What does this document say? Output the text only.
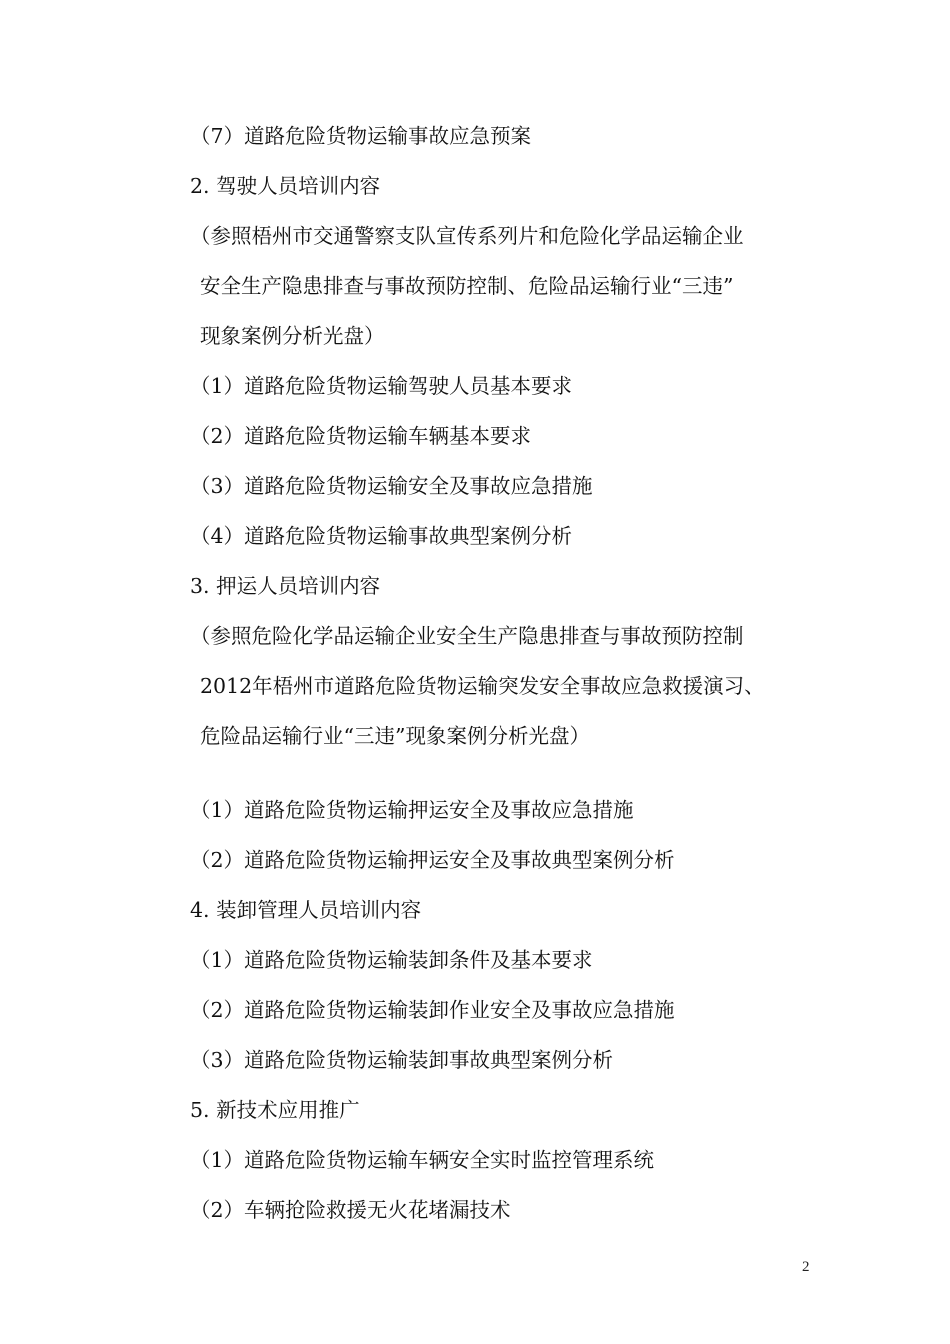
（7）道路危险货物运输事故应急预案
2. 驾驶人员培训内容
（参照梧州市交通警察支队宣传系列片和危险化学品运输企业
安全生产隐患排查与事故预防控制、危险品运输行业“三违”
现象案例分析光盘）
（1）道路危险货物运输驾驶人员基本要求
（2）道路危险货物运输车辆基本要求
（3）道路危险货物运输安全及事故应急措施
（4）道路危险货物运输事故典型案例分析
3. 押运人员培训内容
（参照危险化学品运输企业安全生产隐患排查与事故预防控制
2012年梧州市道路危险货物运输突发安全事故应急救援演习、
危险品运输行业“三违”现象案例分析光盘）
（1）道路危险货物运输押运安全及事故应急措施
（2）道路危险货物运输押运安全及事故典型案例分析
4. 装卸管理人员培训内容
（1）道路危险货物运输装卸条件及基本要求
（2）道路危险货物运输装卸作业安全及事故应急措施
（3）道路危险货物运输装卸事故典型案例分析
5. 新技术应用推广
（1）道路危险货物运输车辆安全实时监控管理系统
（2）车辆抢险救援无火花堵漏技术
2
